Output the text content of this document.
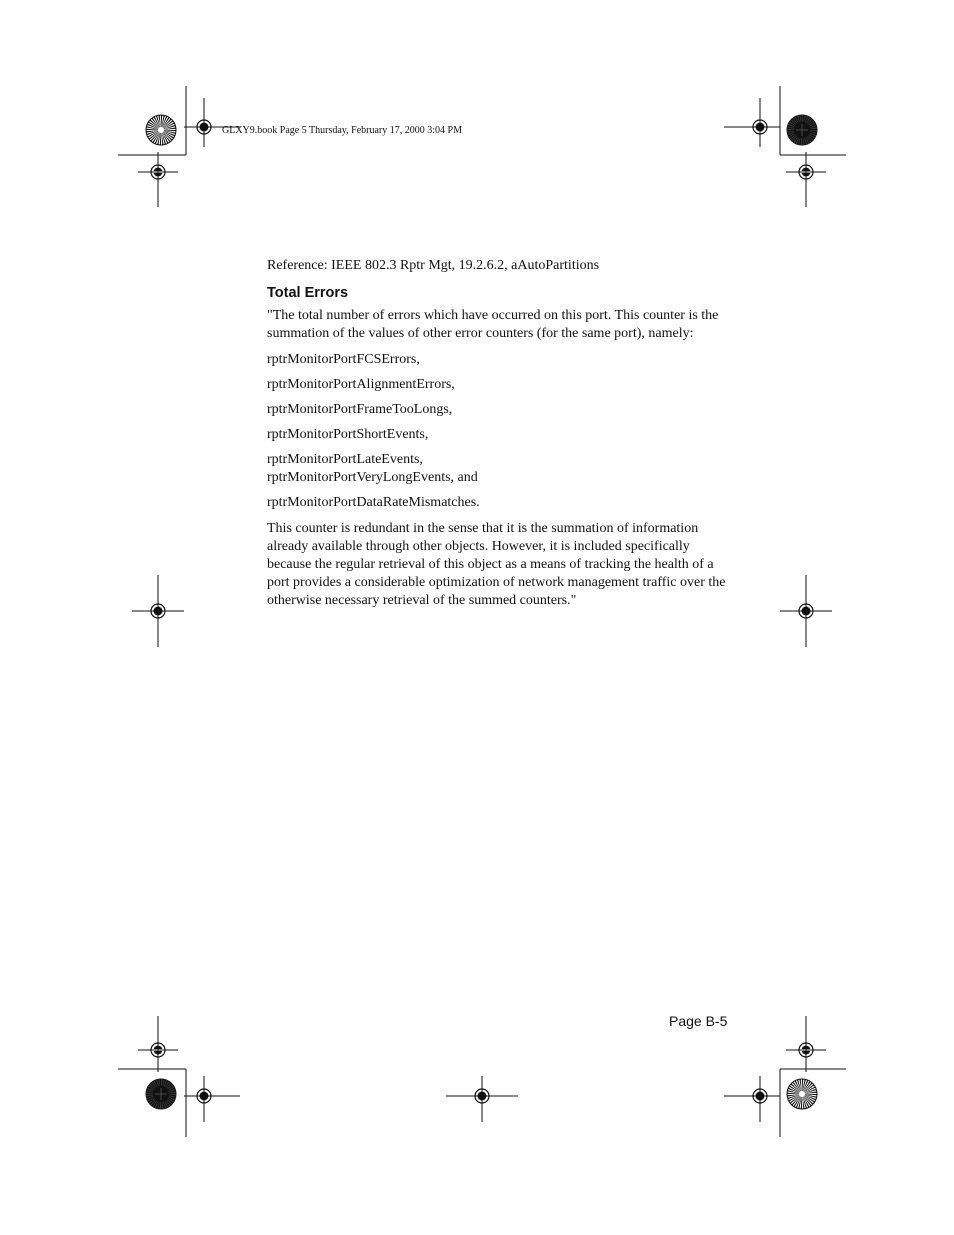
GLXY9.book Page 5 Thursday, February 17, 2000 3:04 PM

Reference: IEEE 802.3 Rptr Mgt, 19.2.6.2, aAutoPartitions

Total Errors

"The total number of errors which have occurred on this port. This counter is the summation of the values of other error counters (for the same port), namely:

rptrMonitorPortFCSErrors,

rptrMonitorPortAlignmentErrors,

rptrMonitorPortFrameTooLongs,

rptrMonitorPortShortEvents,

rptrMonitorPortLateEvents,
rptrMonitorPortVeryLongEvents, and

rptrMonitorPortDataRateMismatches.

This counter is redundant in the sense that it is the summation of information already available through other objects. However, it is included specifically because the regular retrieval of this object as a means of tracking the health of a port provides a considerable optimization of network management traffic over the otherwise necessary retrieval of the summed counters."

Page B-5
